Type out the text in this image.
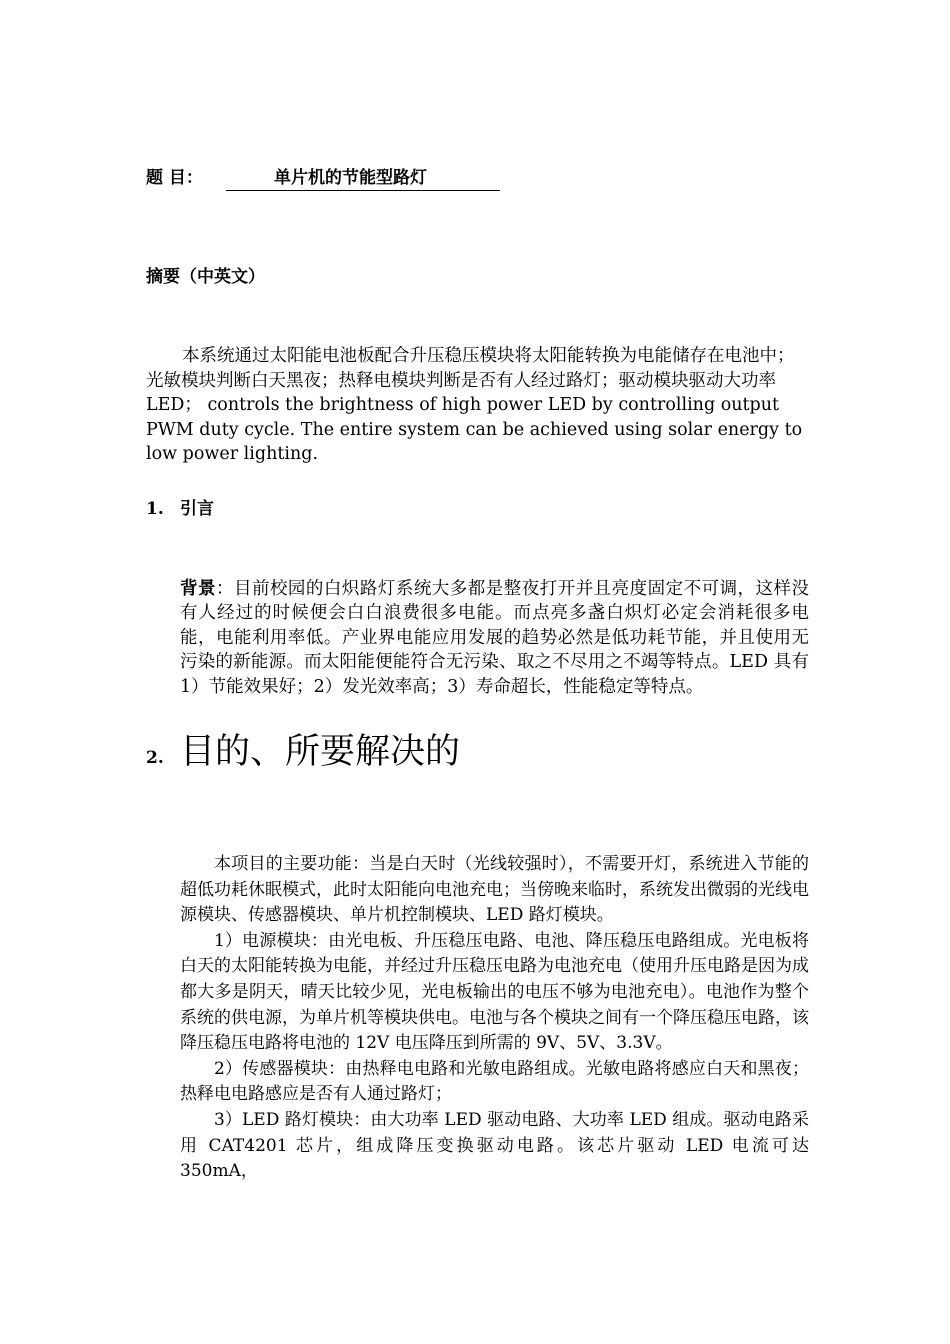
题 目：	单片机的节能型路灯
摘要（中英文）
本系统通过太阳能电池板配合升压稳压模块将太阳能转换为电能储存在电池中；光敏模块判断白天黑夜；热释电模块判断是否有人经过路灯；驱动模块驱动大功率 LED； controls the brightness of high power LED by controlling output PWM duty cycle. The entire system can be achieved using solar energy to low power lighting.
1. 引言
背景：目前校园的白炽路灯系统大多都是整夜打开并且亮度固定不可调，这样没有人经过的时候便会白白浪费很多电能。而点亮多盏白炽灯必定会消耗很多电能，电能利用率低。产业界电能应用发展的趋势必然是低功耗节能，并且使用无污染的新能源。而太阳能便能符合无污染、取之不尽用之不竭等特点。LED 具有 1）节能效果好；2）发光效率高；3）寿命超长，性能稳定等特点。
2. 目的、所要解决的

本项目的主要功能：当是白天时（光线较强时），不需要开灯，系统进入节能的超低功耗休眠模式，此时太阳能向电池充电；当傍晚来临时，系统发出微弱的光线电源模块、传感器模块、单片机控制模块、LED 路灯模块。

1）电源模块：由光电板、升压稳压电路、电池、降压稳压电路组成。光电板将白天的太阳能转换为电能，并经过升压稳压电路为电池充电（使用升压电路是因为成都大多是阴天，晴天比较少见，光电板输出的电压不够为电池充电）。电池作为整个系统的供电源，为单片机等模块供电。电池与各个模块之间有一个降压稳压电路，该降压稳压电路将电池的 12V 电压降压到所需的 9V、5V、3.3V。

2）传感器模块：由热释电电路和光敏电路组成。光敏电路将感应白天和黑夜；热释电电路感应是否有人通过路灯；

3）LED 路灯模块：由大功率 LED 驱动电路、大功率 LED 组成。驱动电路采用 CAT4201 芯片，组成降压变换驱动电路。该芯片驱动 LED 电流可达 350mA，
